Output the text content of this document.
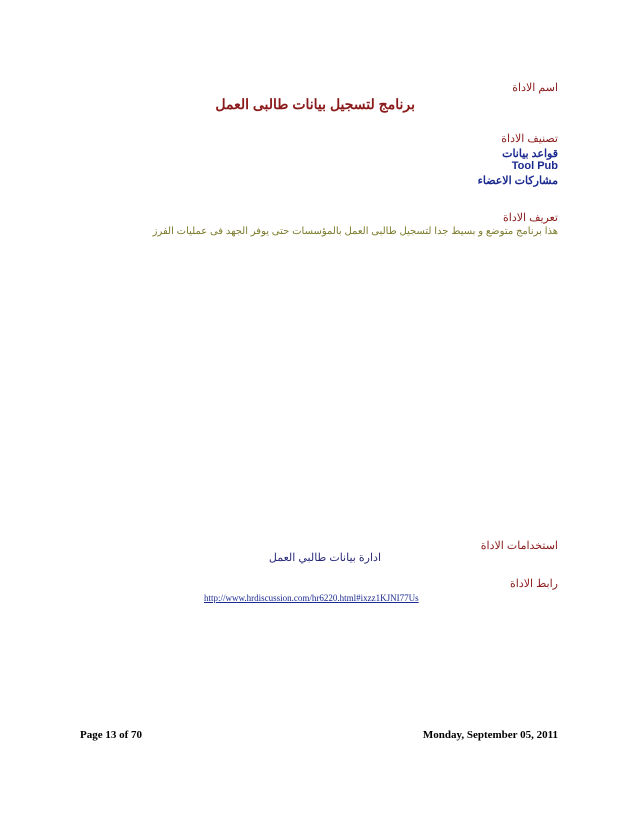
اسم الاداة
برنامج لتسجيل بيانات طالبى العمل
تصنيف الاداة
قواعد بيانات
Tool Pub
مشاركات الاعضاء
تعريف الاداة
هذا برنامج متوضع و بسيط جدا لتسجيل طالبى العمل بالمؤسسات حتى يوفر الجهد فى عمليات الفرز
استخدامات الاداة
ادارة بيانات طالبي العمل
رابط الاداة
http://www.hrdiscussion.com/hr6220.html#ixzz1KJNI77Us
Page 13 of 70	Monday, September 05, 2011
